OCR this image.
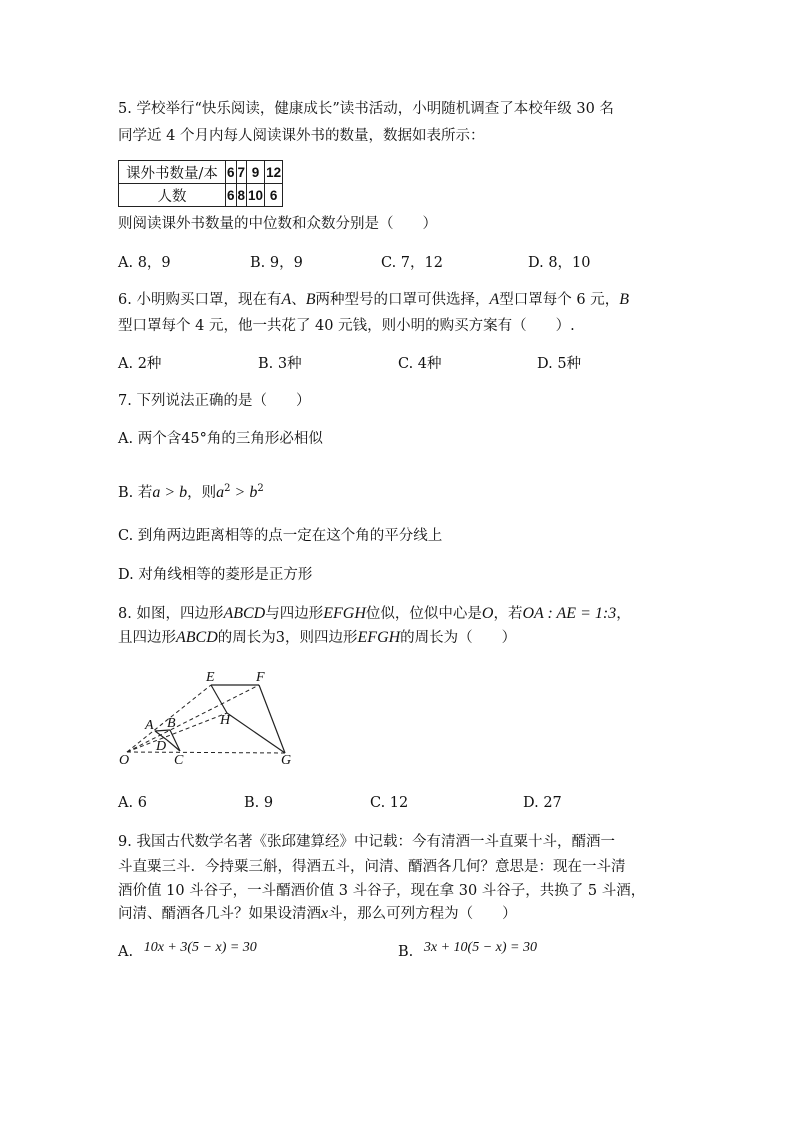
5. 学校举行“快乐阅读，健康成长”读书活动，小明随机调查了本校年级 30 名
同学近 4 个月内每人阅读课外书的数量，数据如表所示：
课外书数量/本	6	7	9	12
人数	6	8	10	6
则阅读课外书数量的中位数和众数分别是（　　）
A. 8，9	B. 9，9	C. 7，12	D. 8，10
6. 小明购买口罩，现在有A、B两种型号的口罩可供选择，A型口罩每个 6 元，B
型口罩每个 4 元，他一共花了 40 元钱，则小明的购买方案有（　　）.
A. 2种	B. 3种	C. 4种	D. 5种
7. 下列说法正确的是（　　）
A. 两个含45°角的三角形必相似
B. 若a > b，则$a^2 > b^2$
C. 到角两边距离相等的点一定在这个角的平分线上
D. 对角线相等的菱形是正方形
8. 如图，四边形ABCD与四边形EFGH位似，位似中心是O，若OA : AE = 1:3，
且四边形ABCD的周长为3，则四边形EFGH的周长为（　　）
E	F
H
A B
D
O	C	G
A. 6	B. 9	C. 12	D. 27
9. 我国古代数学名著《张邱建算经》中记载：今有清酒一斗直粟十斗，醑酒一
斗直粟三斗．今持粟三斛，得酒五斗，问清、醑酒各几何？意思是：现在一斗清
酒价值 10 斗谷子，一斗醑酒价值 3 斗谷子，现在拿 30 斗谷子，共换了 5 斗酒，
问清、醑酒各几斗？如果设清酒x斗，那么可列方程为（　　）
A. 10x + 3(5 − x) = 30	B. 3x + 10(5 − x) = 30
